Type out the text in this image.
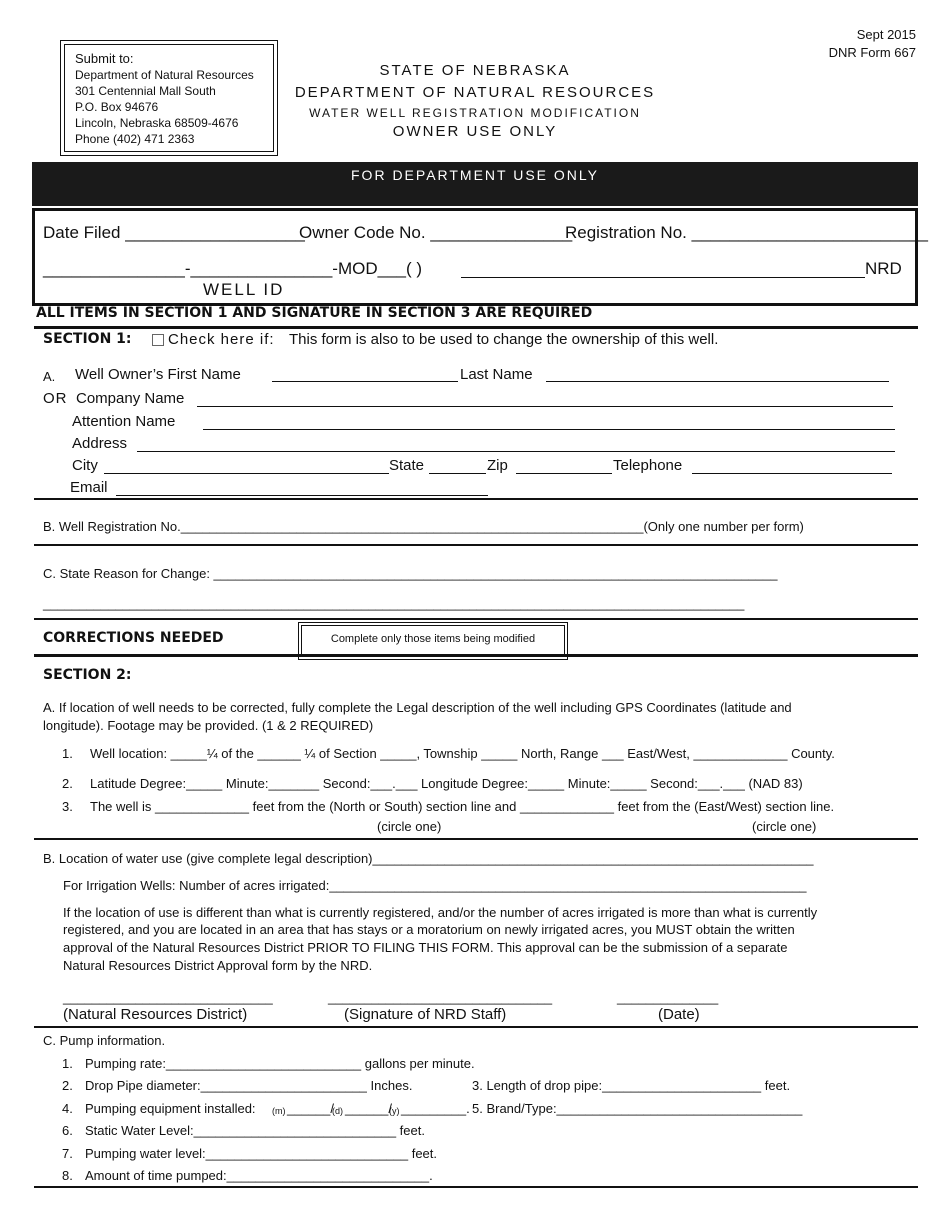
Sept 2015
DNR Form 667
Submit to:
Department of Natural Resources
301 Centennial Mall South
P.O. Box 94676
Lincoln, Nebraska 68509-4676
Phone (402) 471 2363
STATE OF NEBRASKA
DEPARTMENT OF NATURAL RESOURCES
WATER WELL REGISTRATION MODIFICATION
OWNER USE ONLY
FOR DEPARTMENT USE ONLY
Date Filed ___________________
Owner Code No. _______________
Registration No. _________________________
_______________-_______________-MOD___( )	NRD
WELL ID
ALL ITEMS IN SECTION 1 AND SIGNATURE IN SECTION 3 ARE REQUIRED
SECTION 1: Check here if: This form is also to be used to change the ownership of this well.
A. Well Owner’s First Name	Last Name
OR Company Name
Attention Name
Address
City	State	Zip	Telephone
Email
B. Well Registration No.________________________________________________________________(Only one number per form)
C. State Reason for Change: ______________________________________________________________________________
_________________________________________________________________________________________________
CORRECTIONS NEEDED	Complete only those items being modified
SECTION 2:
A. If location of well needs to be corrected, fully complete the Legal description of the well including GPS Coordinates (latitude and
longitude). Footage may be provided. (1 & 2 REQUIRED)
1. Well location: _____¼ of the ______ ¼ of Section _____, Township _____ North, Range ___ East/West, _____________ County.
2. Latitude Degree:_____ Minute:_______ Second:___.___ Longitude Degree:_____ Minute:_____ Second:___.___ (NAD 83)
3. The well is _____________ feet from the (North or South) section line and _____________ feet from the (East/West) section line.
(circle one)	(circle one)
B. Location of water use (give complete legal description)_____________________________________________________________
For Irrigation Wells: Number of acres irrigated:__________________________________________________________________
If the location of use is different than what is currently registered, and/or the number of acres irrigated is more than what is currently
registered, and you are located in an area that has stays or a moratorium on newly irrigated acres, you MUST obtain the written
approval of the Natural Resources District PRIOR TO FILING THIS FORM. This approval can be the submission of a separate
Natural Resources District Approval form by the NRD.
_____________________________	_______________________________	______________
(Natural Resources District)	(Signature of NRD Staff)	(Date)
C. Pump information.
1. Pumping rate:___________________________ gallons per minute.
2. Drop Pipe diameter:_______________________ Inches.	3. Length of drop pipe:______________________ feet.
4. Pumping equipment installed: (m) ______/
(d) ______/
(y) _________. 5. Brand/Type:__________________________________
6. Static Water Level:____________________________ feet.
7. Pumping water level:____________________________ feet.
8. Amount of time pumped:____________________________.
